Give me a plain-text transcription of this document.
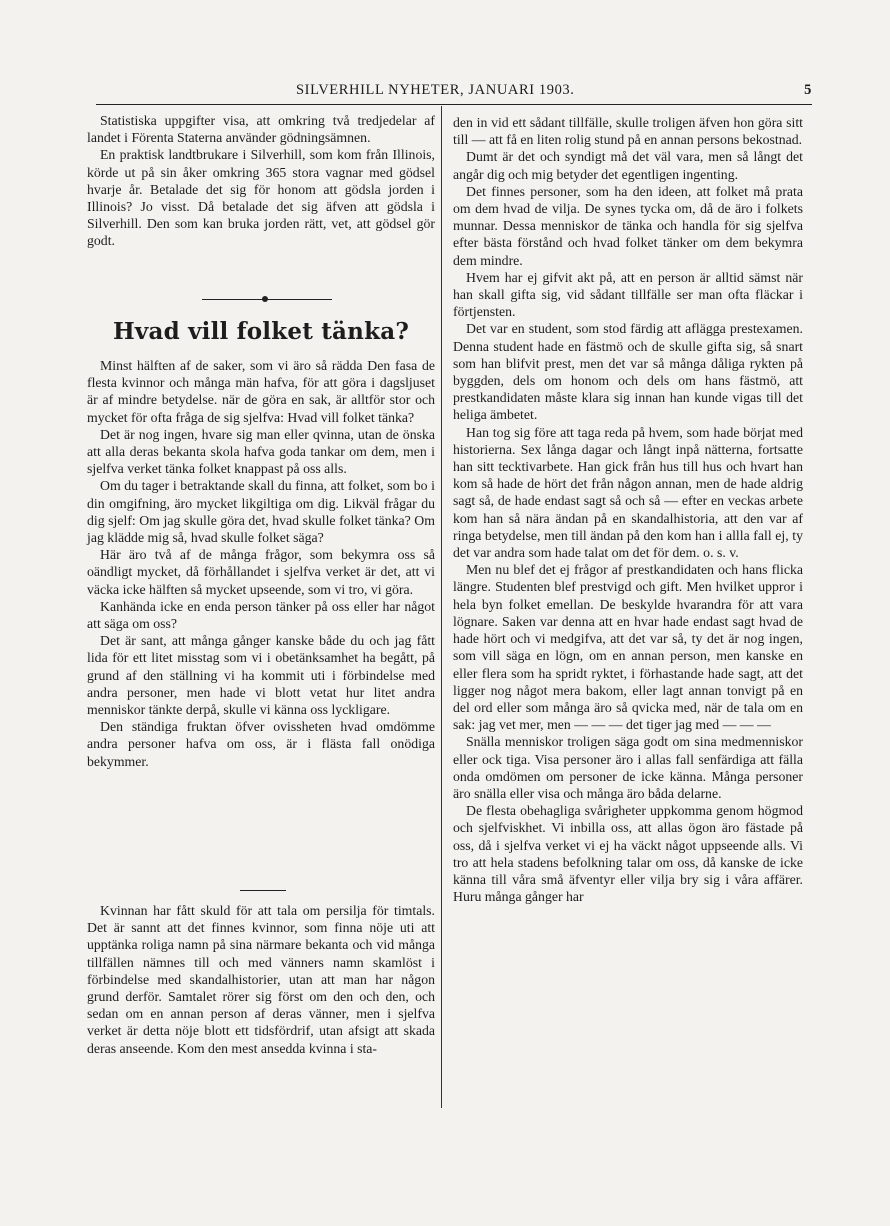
SILVERHILL NYHETER, JANUARI 1903.	5

Statistiska uppgifter visa, att omkring två tredjedelar af landet i Förenta Staterna använder gödningsämnen.

En praktisk landtbrukare i Silverhill, som kom från Illinois, körde ut på sin åker omkring 365 stora vagnar med gödsel hvarje år. Betalade det sig för honom att gödsla jorden i Illinois? Jo visst. Då betalade det sig äfven att gödsla i Silverhill. Den som kan bruka jorden rätt, vet, att gödsel gör godt.

Hvad vill folket tänka?

Minst hälften af de saker, som vi äro så rädda Den fasa de flesta kvinnor och många män hafva, för att göra i dagsljuset är af mindre betydelse. när de göra en sak, är alltför stor och mycket för ofta fråga de sig sjelfva: Hvad vill folket tänka?

Det är nog ingen, hvare sig man eller qvinna, utan de önska att alla deras bekanta skola hafva goda tankar om dem, men i sjelfva verket tänka folket knappast på oss alls.

Om du tager i betraktande skall du finna, att folket, som bo i din omgifning, äro mycket likgiltiga om dig. Likväl frågar du dig sjelf: Om jag skulle göra det, hvad skulle folket tänka? Om jag klädde mig så, hvad skulle folket säga?

Här äro två af de många frågor, som bekymra oss så oändligt mycket, då förhållandet i sjelfva verket är det, att vi väcka icke hälften så mycket upseende, som vi tro, vi göra.

Kanhända icke en enda person tänker på oss eller har något att säga om oss?

Det är sant, att många gånger kanske både du och jag fått lida för ett litet misstag som vi i obetänksamhet ha begått, på grund af den ställning vi ha kommit uti i förbindelse med andra personer, men hade vi blott vetat hur litet andra menniskor tänkte derpå, skulle vi känna oss lyckligare.

Den ständiga fruktan öfver ovissheten hvad omdömme andra personer hafva om oss, är i flästa fall onödiga bekymmer.

Kvinnan har fått skuld för att tala om persilja för timtals. Det är sannt att det finnes kvinnor, som finna nöje uti att upptänka roliga namn på sina närmare bekanta och vid många tillfällen nämnes till och med vänners namn skamlöst i förbindelse med skandalhistorier, utan att man har någon grund derför. Samtalet rörer sig först om den och den, och sedan om en annan person af deras vänner, men i sjelfva verket är detta nöje blott ett tidsfördrif, utan afsigt att skada deras anseende. Kom den mest ansedda kvinna i sta-

den in vid ett sådant tillfälle, skulle troligen äfven hon göra sitt till — att få en liten rolig stund på en annan persons bekostnad.

Dumt är det och syndigt må det väl vara, men så långt det angår dig och mig betyder det egentligen ingenting.

Det finnes personer, som ha den ideen, att folket må prata om dem hvad de vilja. De synes tycka om, då de äro i folkets munnar. Dessa menniskor de tänka och handla för sig sjelfva efter bästa förstånd och hvad folket tänker om dem bekymra dem mindre.

Hvem har ej gifvit akt på, att en person är alltid sämst när han skall gifta sig, vid sådant tillfälle ser man ofta fläckar i förtjensten.

Det var en student, som stod färdig att aflägga prestexamen. Denna student hade en fästmö och de skulle gifta sig, så snart som han blifvit prest, men det var så många dåliga rykten på byggden, dels om honom och dels om hans fästmö, att prestkandidaten måste klara sig innan han kunde vigas till det heliga ämbetet.

Han tog sig före att taga reda på hvem, som hade börjat med historierna. Sex långa dagar och långt inpå nätterna, fortsatte han sitt tecktivarbete. Han gick från hus till hus och hvart han kom så hade de hört det från någon annan, men de hade aldrig sagt så, de hade endast sagt så och så — efter en veckas arbete kom han så nära ändan på en skandalhistoria, att den var af ringa betydelse, men till ändan på den kom han i allla fall ej, ty det var andra som hade talat om det för dem. o. s. v.

Men nu blef det ej frågor af prestkandidaten och hans flicka längre. Studenten blef prestvigd och gift. Men hvilket uppror i hela byn folket emellan. De beskylde hvarandra för att vara lögnare. Saken var denna att en hvar hade endast sagt hvad de hade hört och vi medgifva, att det var så, ty det är nog ingen, som vill säga en lögn, om en annan person, men kanske en eller flera som ha spridt ryktet, i förhastande hade sagt, att det ligger nog något mera bakom, eller lagt annan tonvigt på en del ord eller som många äro så qvicka med, när de tala om en sak: jag vet mer, men — — — det tiger jag med — — —

Snälla menniskor troligen säga godt om sina medmenniskor eller ock tiga. Visa personer äro i allas fall senfärdiga att fälla onda omdömen om personer de icke känna. Många personer äro snälla eller visa och många äro båda delarne.

De flesta obehagliga svårigheter uppkomma genom högmod och sjelfviskhet. Vi inbilla oss, att allas ögon äro fästade på oss, då i sjelfva verket vi ej ha väckt något uppseende alls. Vi tro att hela stadens befolkning talar om oss, då kanske de icke känna till våra små äfventyr eller vilja bry sig i våra affärer. Huru många gånger har
